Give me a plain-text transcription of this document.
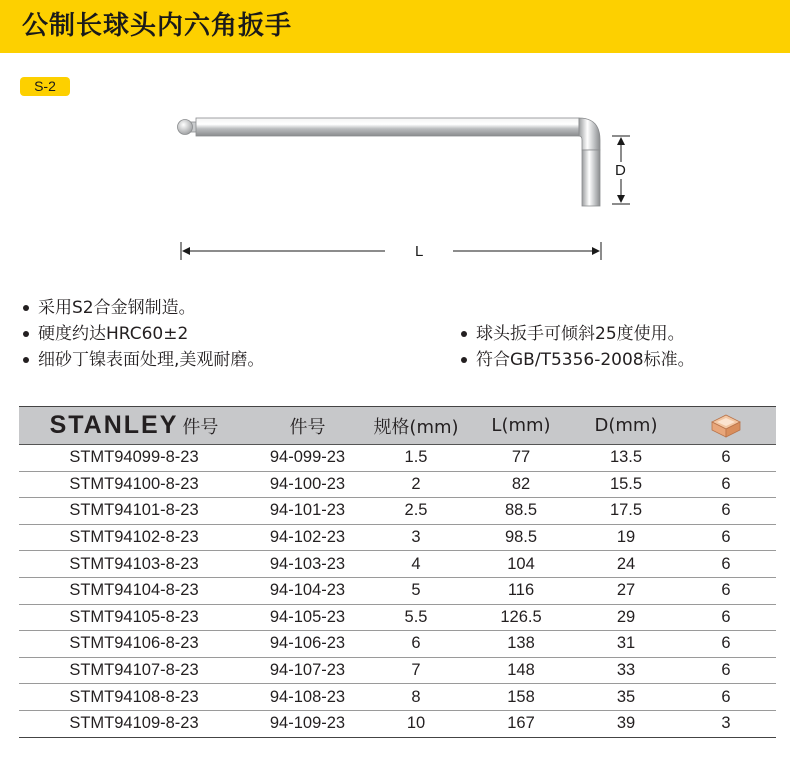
公制长球头内六角扳手
S-2
D
L
采用S2合金钢制造。
硬度约达HRC60±2
细砂丁镍表面处理,美观耐磨。
球头扳手可倾斜25度使用。
符合GB/T5356-2008标准。
STANLEY 件号	件号	规格(mm)	L(mm)	D(mm)	
STMT94099-8-23	94-099-23	1.5	77	13.5	6
STMT94100-8-23	94-100-23	2	82	15.5	6
STMT94101-8-23	94-101-23	2.5	88.5	17.5	6
STMT94102-8-23	94-102-23	3	98.5	19	6
STMT94103-8-23	94-103-23	4	104	24	6
STMT94104-8-23	94-104-23	5	116	27	6
STMT94105-8-23	94-105-23	5.5	126.5	29	6
STMT94106-8-23	94-106-23	6	138	31	6
STMT94107-8-23	94-107-23	7	148	33	6
STMT94108-8-23	94-108-23	8	158	35	6
STMT94109-8-23	94-109-23	10	167	39	3
